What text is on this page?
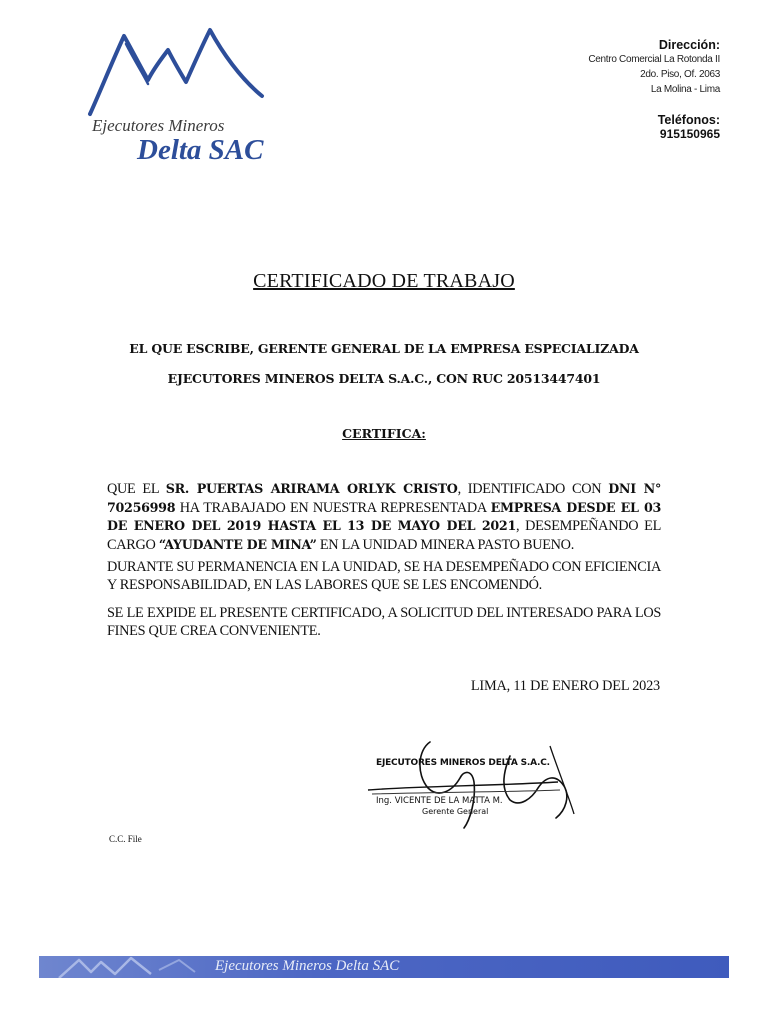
Ejecutores Mineros
Delta SAC
Dirección:
Centro Comercial La Rotonda II
2do. Piso, Of. 2063
La Molina - Lima
Teléfonos:
915150965
CERTIFICADO DE TRABAJO
EL QUE ESCRIBE, GERENTE GENERAL DE LA EMPRESA ESPECIALIZADA
EJECUTORES MINEROS DELTA S.A.C., CON RUC 20513447401
CERTIFICA:
QUE EL SR. PUERTAS ARIRAMA ORLYK CRISTO, IDENTIFICADO CON DNI N° 70256998 HA TRABAJADO EN NUESTRA REPRESENTADA EMPRESA DESDE EL 03 DE ENERO DEL 2019 HASTA EL 13 DE MAYO DEL 2021, DESEMPEÑANDO EL CARGO “AYUDANTE DE MINA” EN LA UNIDAD MINERA PASTO BUENO.
DURANTE SU PERMANENCIA EN LA UNIDAD, SE HA DESEMPEÑADO CON EFICIENCIA Y RESPONSABILIDAD, EN LAS LABORES QUE SE LES ENCOMENDÓ.
SE LE EXPIDE EL PRESENTE CERTIFICADO, A SOLICITUD DEL INTERESADO PARA LOS FINES QUE CREA CONVENIENTE.
LIMA, 11 DE ENERO DEL 2023
EJECUTORES MINEROS DELTA S.A.C.
Ing. VICENTE DE LA MATTA M.
Gerente General
C.C. File
Ejecutores Mineros Delta SAC
